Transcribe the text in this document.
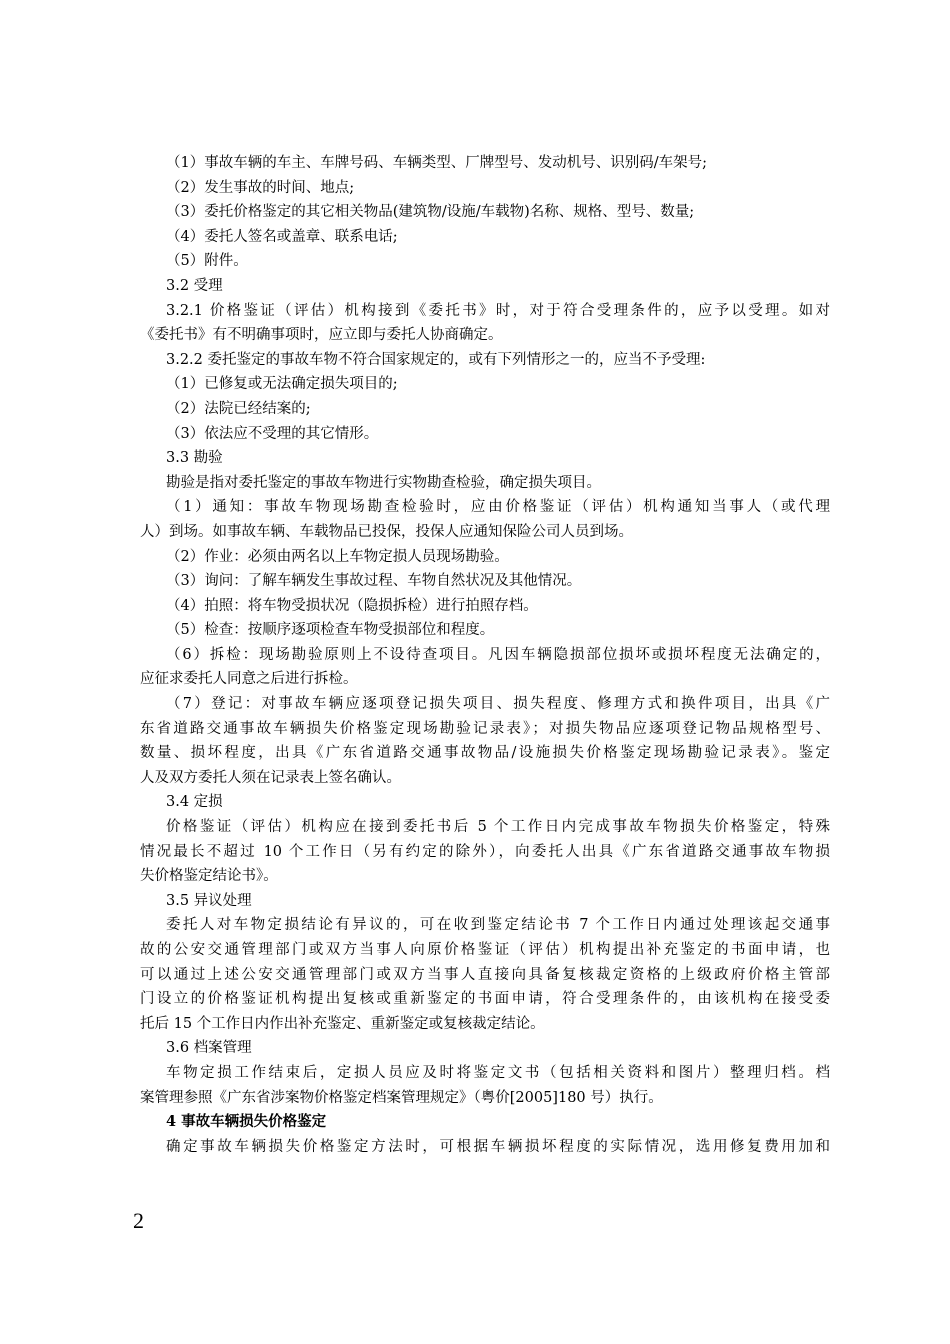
（1）事故车辆的车主、车牌号码、车辆类型、厂牌型号、发动机号、识别码/车架号;

（2）发生事故的时间、地点;

（3）委托价格鉴定的其它相关物品(建筑物/设施/车载物)名称、规格、型号、数量;

（4）委托人签名或盖章、联系电话;

（5）附件。

3.2 受理

3.2.1 价格鉴证（评估）机构接到《委托书》时，对于符合受理条件的，应予以受理。如对

《委托书》有不明确事项时，应立即与委托人协商确定。

3.2.2 委托鉴定的事故车物不符合国家规定的，或有下列情形之一的，应当不予受理:

（1）已修复或无法确定损失项目的;

（2）法院已经结案的;

（3）依法应不受理的其它情形。

3.3 勘验

勘验是指对委托鉴定的事故车物进行实物勘查检验，确定损失项目。

（1）通知：事故车物现场勘查检验时，应由价格鉴证（评估）机构通知当事人（或代理

人）到场。如事故车辆、车载物品已投保，投保人应通知保险公司人员到场。

（2）作业：必须由两名以上车物定损人员现场勘验。

（3）询问：了解车辆发生事故过程、车物自然状况及其他情况。

（4）拍照：将车物受损状况（隐损拆检）进行拍照存档。

（5）检查：按顺序逐项检查车物受损部位和程度。

（6）拆检：现场勘验原则上不设待查项目。凡因车辆隐损部位损坏或损坏程度无法确定的，

应征求委托人同意之后进行拆检。

（7）登记：对事故车辆应逐项登记损失项目、损失程度、修理方式和换件项目，出具《广

东省道路交通事故车辆损失价格鉴定现场勘验记录表》；对损失物品应逐项登记物品规格型号、

数量、损坏程度，出具《广东省道路交通事故物品/设施损失价格鉴定现场勘验记录表》。鉴定

人及双方委托人须在记录表上签名确认。

3.4 定损

价格鉴证（评估）机构应在接到委托书后 5 个工作日内完成事故车物损失价格鉴定，特殊

情况最长不超过 10 个工作日（另有约定的除外），向委托人出具《广东省道路交通事故车物损

失价格鉴定结论书》。

3.5 异议处理

委托人对车物定损结论有异议的，可在收到鉴定结论书 7 个工作日内通过处理该起交通事

故的公安交通管理部门或双方当事人向原价格鉴证（评估）机构提出补充鉴定的书面申请，也

可以通过上述公安交通管理部门或双方当事人直接向具备复核裁定资格的上级政府价格主管部

门设立的价格鉴证机构提出复核或重新鉴定的书面申请，符合受理条件的，由该机构在接受委

托后 15 个工作日内作出补充鉴定、重新鉴定或复核裁定结论。

3.6 档案管理

车物定损工作结束后，定损人员应及时将鉴定文书（包括相关资料和图片）整理归档。档

案管理参照《广东省涉案物价格鉴定档案管理规定》（粤价[2005]180 号）执行。

4 事故车辆损失价格鉴定

确定事故车辆损失价格鉴定方法时，可根据车辆损坏程度的实际情况，选用修复费用加和

2
